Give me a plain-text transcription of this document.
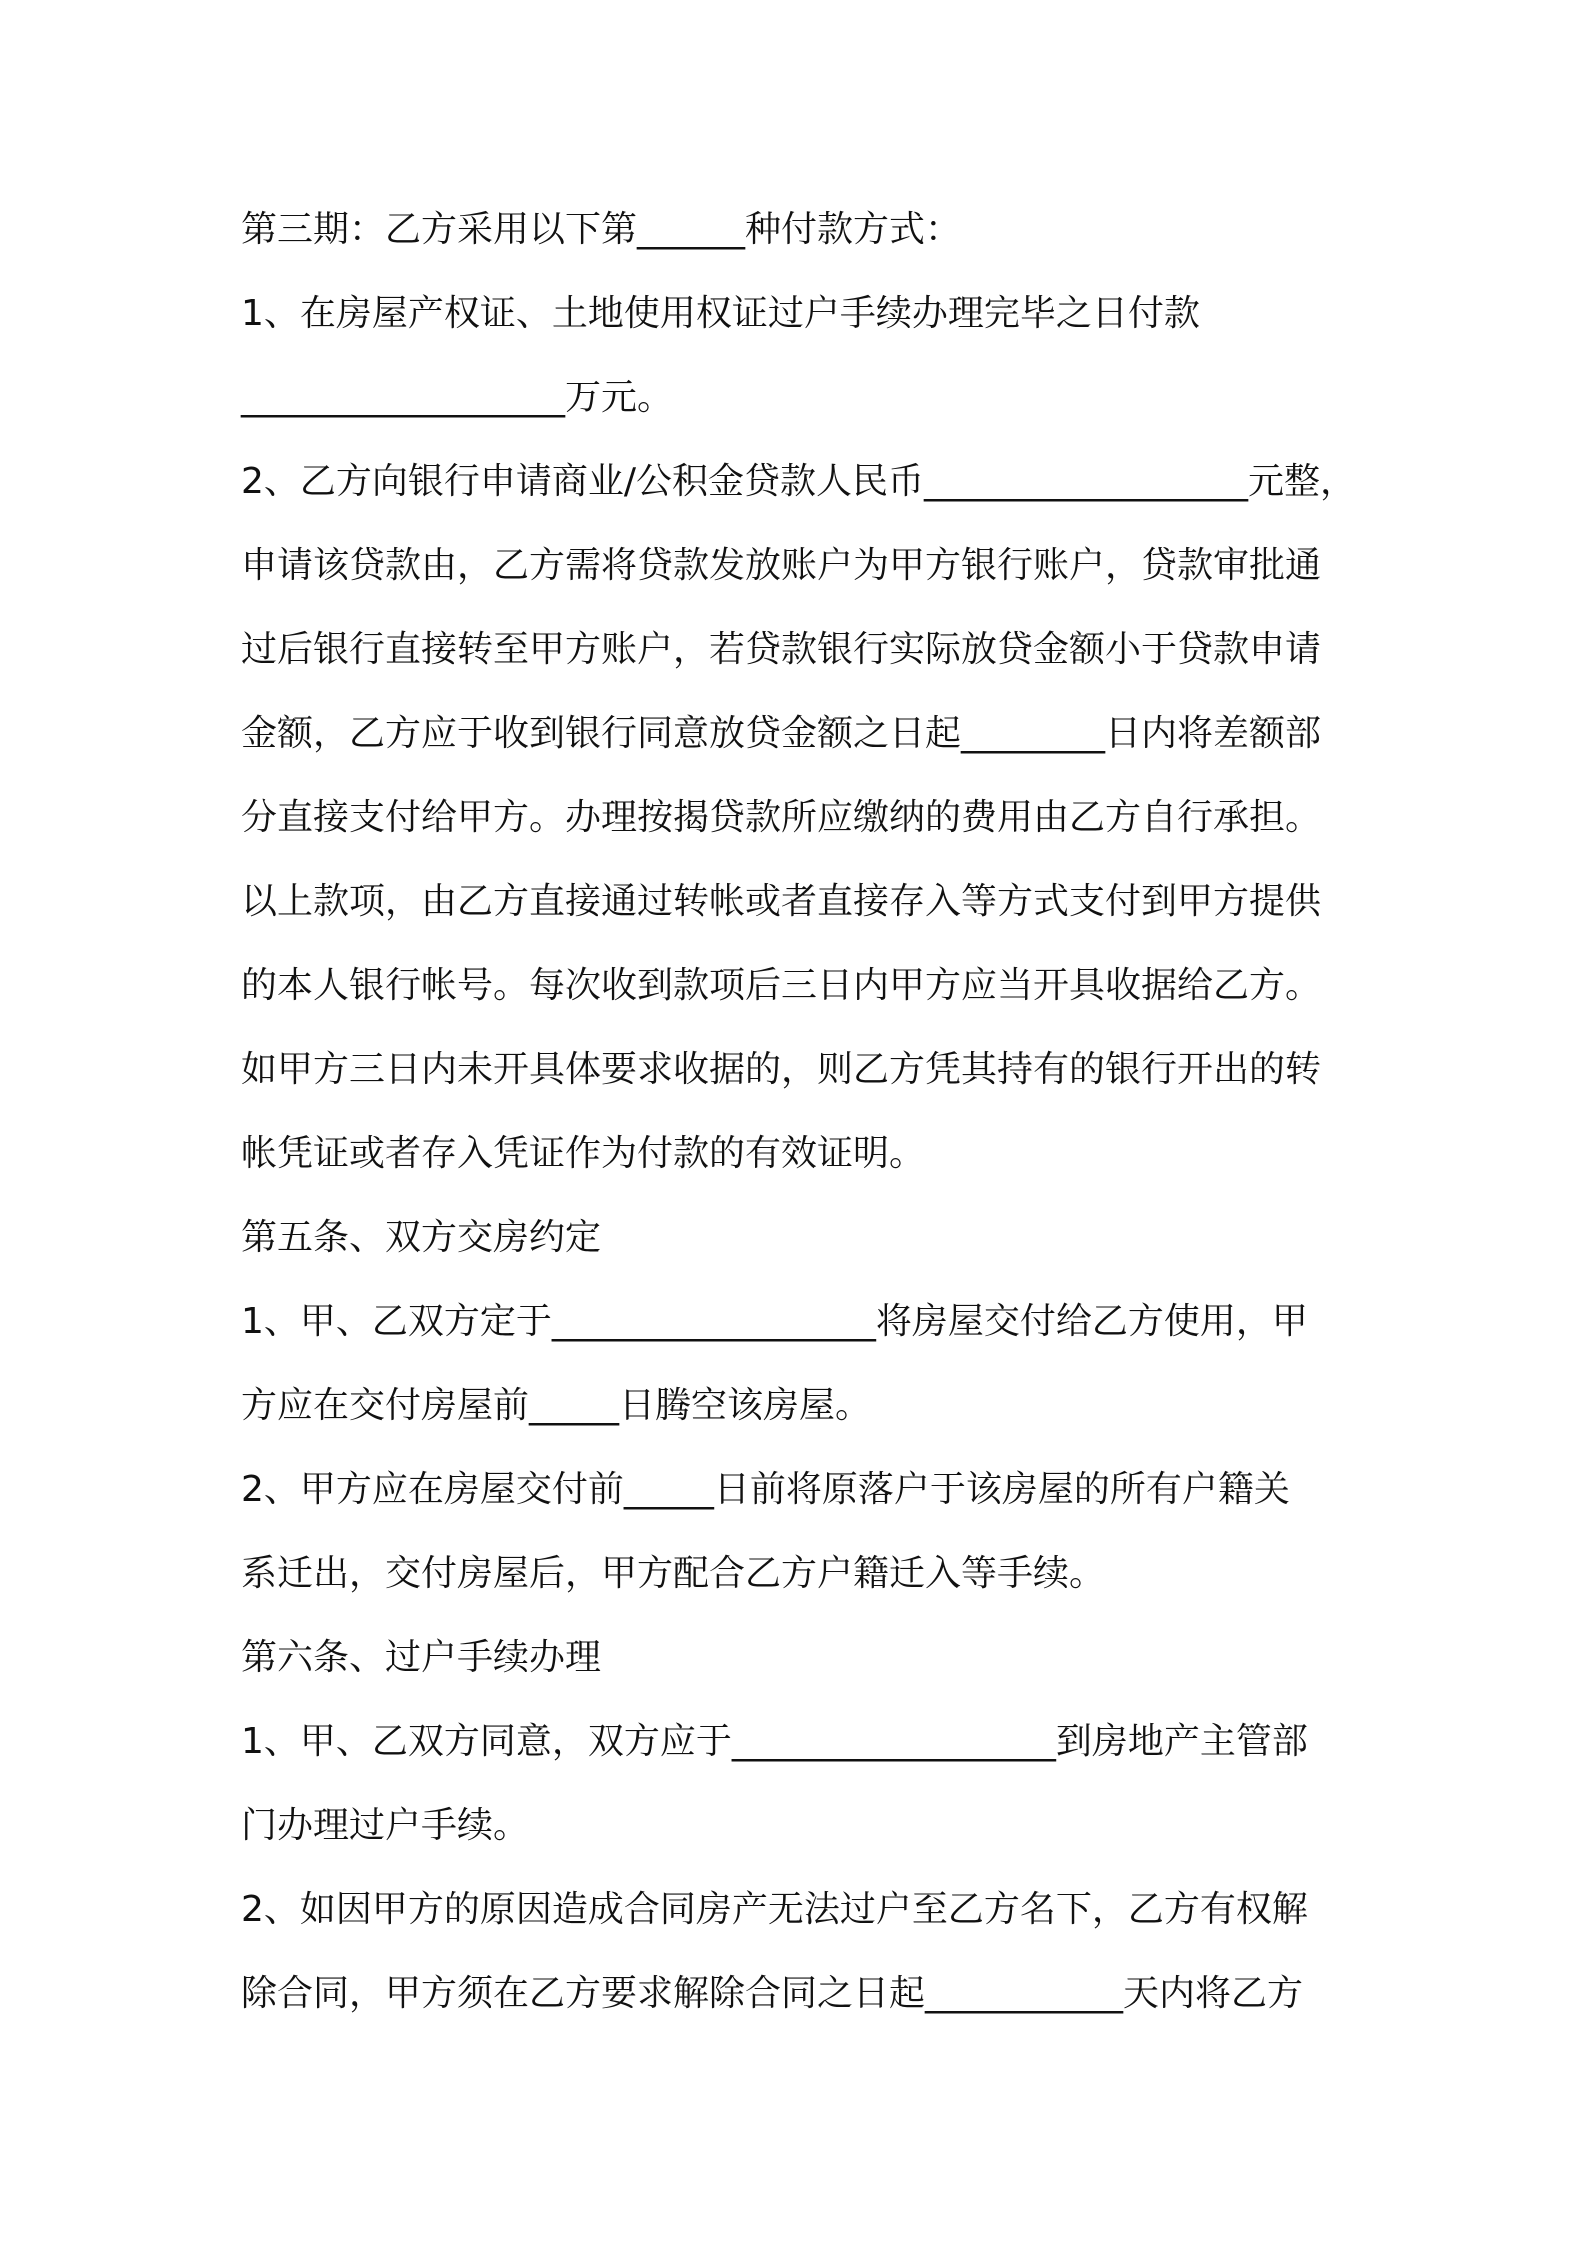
第三期：乙方采用以下第______种付款方式：
1、在房屋产权证、土地使用权证过户手续办理完毕之日付款
__________________万元。
2、乙方向银行申请商业/公积金贷款人民币__________________元整，
申请该贷款由，乙方需将贷款发放账户为甲方银行账户，贷款审批通
过后银行直接转至甲方账户，若贷款银行实际放贷金额小于贷款申请
金额，乙方应于收到银行同意放贷金额之日起________日内将差额部
分直接支付给甲方。办理按揭贷款所应缴纳的费用由乙方自行承担。
以上款项，由乙方直接通过转帐或者直接存入等方式支付到甲方提供
的本人银行帐号。每次收到款项后三日内甲方应当开具收据给乙方。
如甲方三日内未开具体要求收据的，则乙方凭其持有的银行开出的转
帐凭证或者存入凭证作为付款的有效证明。
第五条、双方交房约定
1、甲、乙双方定于__________________将房屋交付给乙方使用，甲
方应在交付房屋前_____日腾空该房屋。
2、甲方应在房屋交付前_____日前将原落户于该房屋的所有户籍关
系迁出，交付房屋后，甲方配合乙方户籍迁入等手续。
第六条、过户手续办理
1、甲、乙双方同意，双方应于__________________到房地产主管部
门办理过户手续。
2、如因甲方的原因造成合同房产无法过户至乙方名下，乙方有权解
除合同，甲方须在乙方要求解除合同之日起___________天内将乙方
